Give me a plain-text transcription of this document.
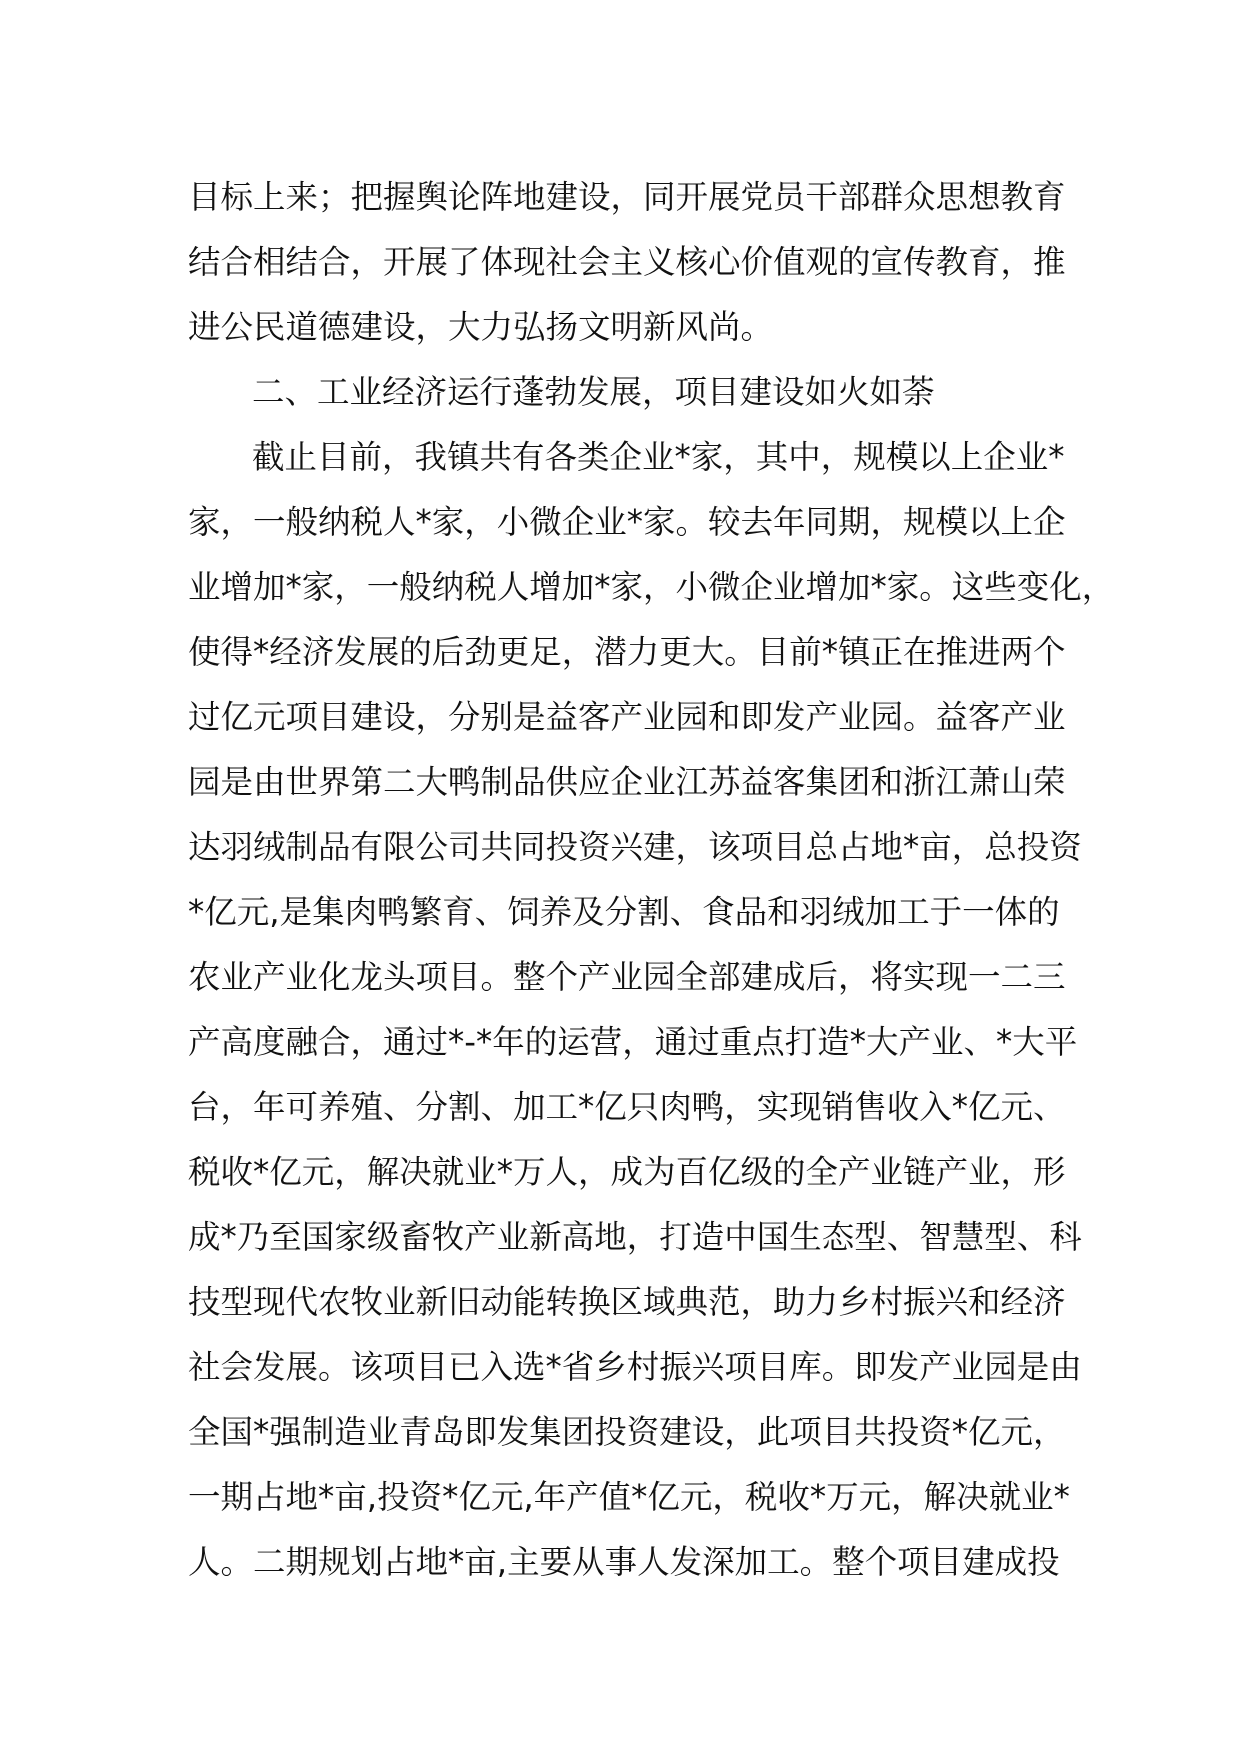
目标上来；把握舆论阵地建设，同开展党员干部群众思想教育
结合相结合，开展了体现社会主义核心价值观的宣传教育，推
进公民道德建设，大力弘扬文明新风尚。
二、工业经济运行蓬勃发展，项目建设如火如荼
截止目前，我镇共有各类企业*家，其中，规模以上企业*
家，一般纳税人*家，小微企业*家。较去年同期，规模以上企
业增加*家，一般纳税人增加*家，小微企业增加*家。这些变化，
使得*经济发展的后劲更足，潜力更大。目前*镇正在推进两个
过亿元项目建设，分别是益客产业园和即发产业园。益客产业
园是由世界第二大鸭制品供应企业江苏益客集团和浙江萧山荣
达羽绒制品有限公司共同投资兴建，该项目总占地*亩，总投资
*亿元,是集肉鸭繁育、饲养及分割、食品和羽绒加工于一体的
农业产业化龙头项目。整个产业园全部建成后，将实现一二三
产高度融合，通过*-*年的运营，通过重点打造*大产业、*大平
台，年可养殖、分割、加工*亿只肉鸭，实现销售收入*亿元、
税收*亿元，解决就业*万人，成为百亿级的全产业链产业，形
成*乃至国家级畜牧产业新高地，打造中国生态型、智慧型、科
技型现代农牧业新旧动能转换区域典范，助力乡村振兴和经济
社会发展。该项目已入选*省乡村振兴项目库。即发产业园是由
全国*强制造业青岛即发集团投资建设，此项目共投资*亿元，
一期占地*亩,投资*亿元,年产值*亿元，税收*万元，解决就业*
人。二期规划占地*亩,主要从事人发深加工。整个项目建成投
